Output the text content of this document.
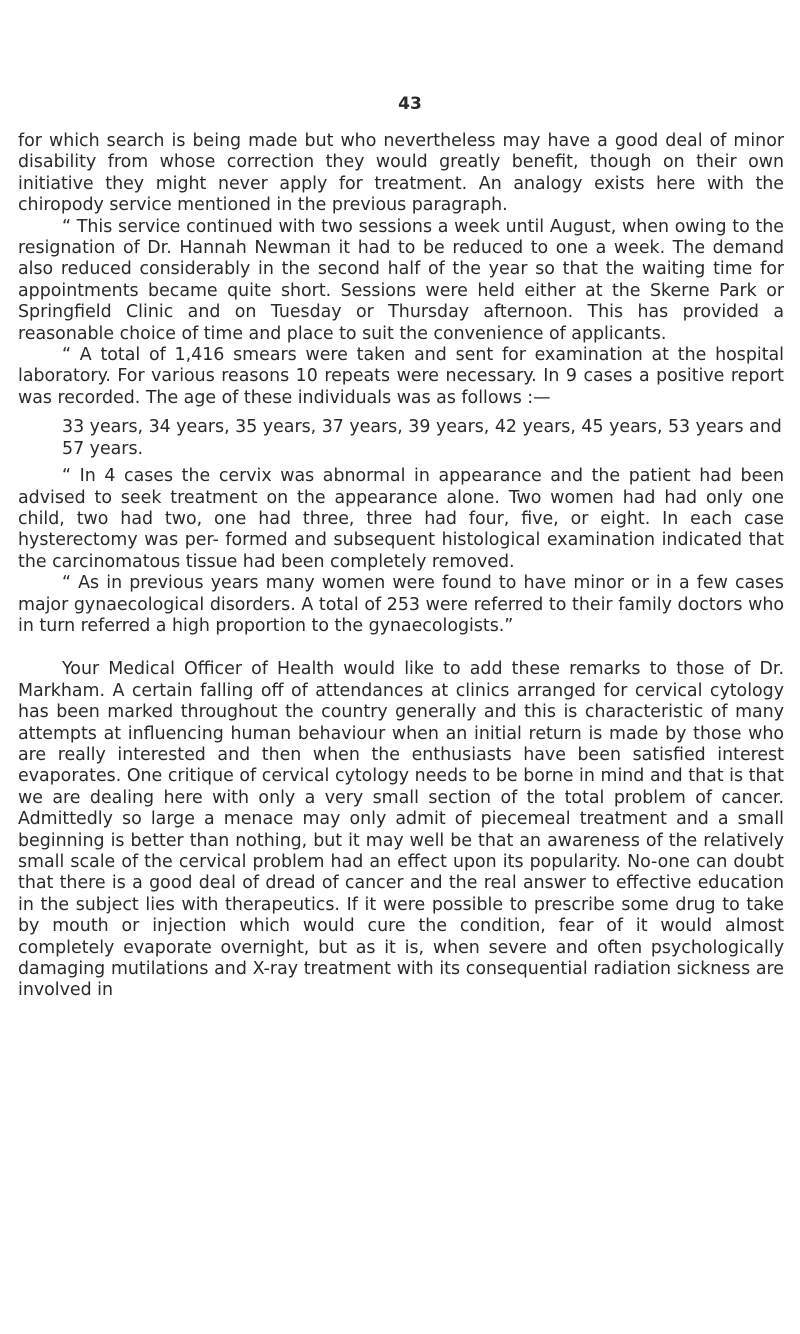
43

for which search is being made but who nevertheless may have a good deal of minor disability from whose correction they would greatly benefit, though on their own initiative they might never apply for treatment. An analogy exists here with the chiropody service mentioned in the previous paragraph.

“ This service continued with two sessions a week until August, when owing to the resignation of Dr. Hannah Newman it had to be reduced to one a week. The demand also reduced considerably in the second half of the year so that the waiting time for appointments became quite short. Sessions were held either at the Skerne Park or Springfield Clinic and on Tuesday or Thursday afternoon. This has provided a reasonable choice of time and place to suit the convenience of applicants.

“ A total of 1,416 smears were taken and sent for examination at the hospital laboratory. For various reasons 10 repeats were necessary. In 9 cases a positive report was recorded. The age of these individuals was as follows :—

33 years, 34 years, 35 years, 37 years, 39 years, 42 years, 45 years, 53 years and 57 years.

“ In 4 cases the cervix was abnormal in appearance and the patient had been advised to seek treatment on the appearance alone. Two women had had only one child, two had two, one had three, three had four, five, or eight. In each case hysterectomy was per- formed and subsequent histological examination indicated that the carcinomatous tissue had been completely removed.

“ As in previous years many women were found to have minor or in a few cases major gynaecological disorders. A total of 253 were referred to their family doctors who in turn referred a high proportion to the gynaecologists.”

Your Medical Officer of Health would like to add these remarks to those of Dr. Markham. A certain falling off of attendances at clinics arranged for cervical cytology has been marked throughout the country generally and this is characteristic of many attempts at influencing human behaviour when an initial return is made by those who are really interested and then when the enthusiasts have been satisfied interest evaporates. One critique of cervical cytology needs to be borne in mind and that is that we are dealing here with only a very small section of the total problem of cancer. Admittedly so large a menace may only admit of piecemeal treatment and a small beginning is better than nothing, but it may well be that an awareness of the relatively small scale of the cervical problem had an effect upon its popularity. No-one can doubt that there is a good deal of dread of cancer and the real answer to effective education in the subject lies with therapeutics. If it were possible to prescribe some drug to take by mouth or injection which would cure the condition, fear of it would almost completely evaporate overnight, but as it is, when severe and often psychologically damaging mutilations and X-ray treatment with its consequential radiation sickness are involved in
